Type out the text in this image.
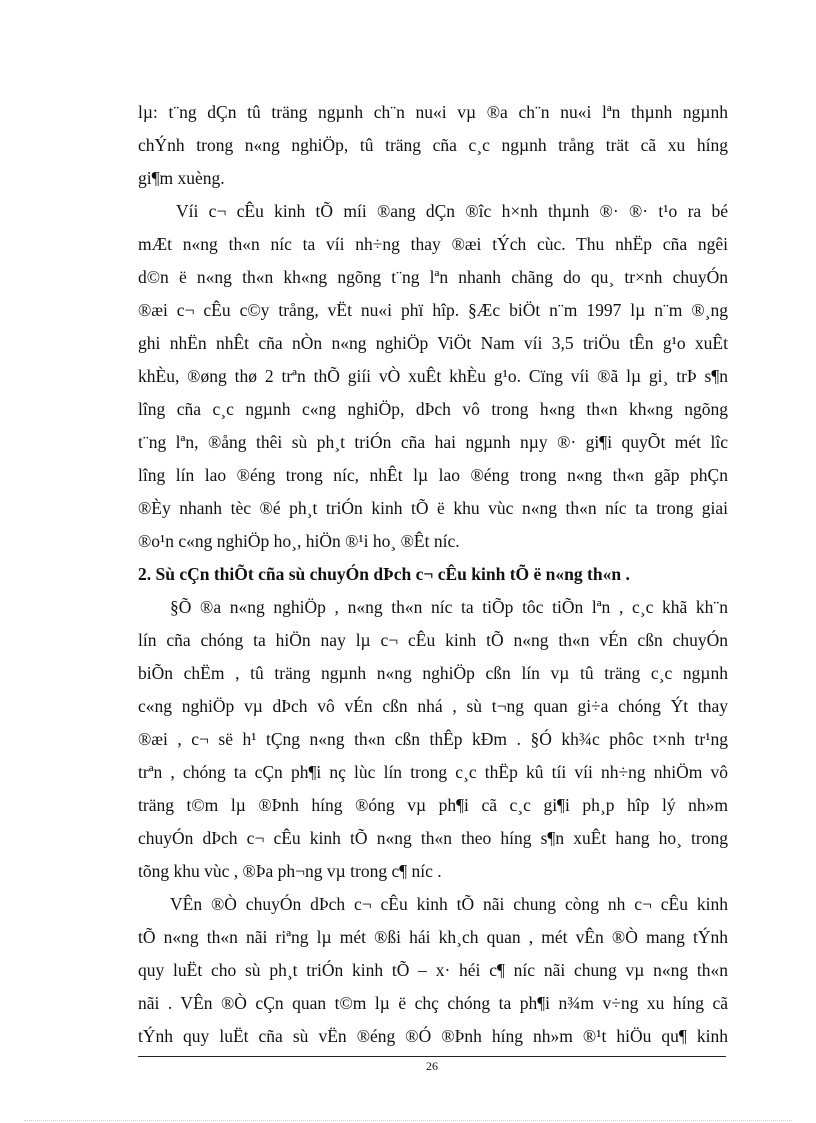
lµ: t¨ng dÇn tû träng ngµnh ch¨n nu«i vµ ®a ch¨n nu«i lªn thµnh ngµnh
chÝnh trong n«ng nghiÖp, tû träng cña c¸c ngµnh trång trät cã xu híng
gi¶m xuèng.
Víi c¬ cÊu kinh tÕ míi ®ang dÇn ®îc h×nh thµnh ®· ®· t¹o ra bé
mÆt n«ng th«n níc ta víi nh÷ng thay ®æi tÝch cùc. Thu nhËp cña ngêi
d©n ë n«ng th«n kh«ng ngõng t¨ng lªn nhanh chãng do qu¸ tr×nh chuyÓn
®æi c¬ cÊu c©y trång, vËt nu«i phï hîp. §Æc biÖt n¨m 1997 lµ n¨m ®¸ng
ghi nhËn nhÊt cña nÒn n«ng nghiÖp ViÖt Nam víi 3,5 triÖu tÊn g¹o xuÊt
khÈu, ®øng thø 2 trªn thÕ giíi vÒ xuÊt khÈu g¹o. Cïng víi ®ã lµ gi¸ trÞ s¶n
lîng cña c¸c ngµnh c«ng nghiÖp, dÞch vô trong h«ng th«n kh«ng ngõng
t¨ng lªn, ®ång thêi sù ph¸t triÓn cña hai ngµnh nµy ®· gi¶i quyÕt mét lîc
lîng lín lao ®éng trong níc, nhÊt lµ lao ®éng trong n«ng th«n gãp phÇn
®Èy nhanh tèc ®é ph¸t triÓn kinh tÕ ë khu vùc n«ng th«n níc ta trong giai
®o¹n c«ng nghiÖp ho¸, hiÖn ®¹i ho¸ ®Êt níc.
2. Sù cÇn thiÕt cña sù chuyÓn dÞch c¬ cÊu kinh tÕ ë n«ng th«n .
§Õ ®a n«ng nghiÖp , n«ng th«n níc ta tiÕp tôc tiÕn lªn , c¸c khã kh¨n
lín cña chóng ta hiÖn nay lµ c¬ cÊu kinh tÕ n«ng th«n vÉn cßn chuyÓn
biÕn chËm , tû träng ngµnh n«ng nghiÖp cßn lín vµ tû träng c¸c ngµnh
c«ng nghiÖp vµ dÞch vô vÉn cßn nhá , sù t¬ng quan gi÷a chóng Ýt thay
®æi , c¬ së h¹ tÇng n«ng th«n cßn thÊp kÐm . §Ó kh¾c phôc t×nh tr¹ng
trªn , chóng ta cÇn ph¶i nç lùc lín trong c¸c thËp kû tíi víi nh÷ng nhiÖm vô
träng t©m lµ ®Þnh híng ®óng vµ ph¶i cã c¸c gi¶i ph¸p hîp lý nh»m
chuyÓn dÞch c¬ cÊu kinh tÕ n«ng th«n theo híng s¶n xuÊt hang ho¸ trong
tõng khu vùc , ®Þa ph¬ng vµ trong c¶ níc .
VÊn ®Ò chuyÓn dÞch c¬ cÊu kinh tÕ nãi chung còng nh c¬ cÊu kinh
tÕ n«ng th«n nãi riªng lµ mét ®ßi hái kh¸ch quan , mét vÊn ®Ò mang tÝnh
quy luËt cho sù ph¸t triÓn kinh tÕ – x· héi c¶ níc nãi chung vµ n«ng th«n
nãi . VÊn ®Ò cÇn quan t©m lµ ë chç chóng ta ph¶i n¾m v÷ng xu híng cã
tÝnh quy luËt cña sù vËn ®éng ®Ó ®Þnh híng nh»m ®¹t hiÖu qu¶ kinh
26
